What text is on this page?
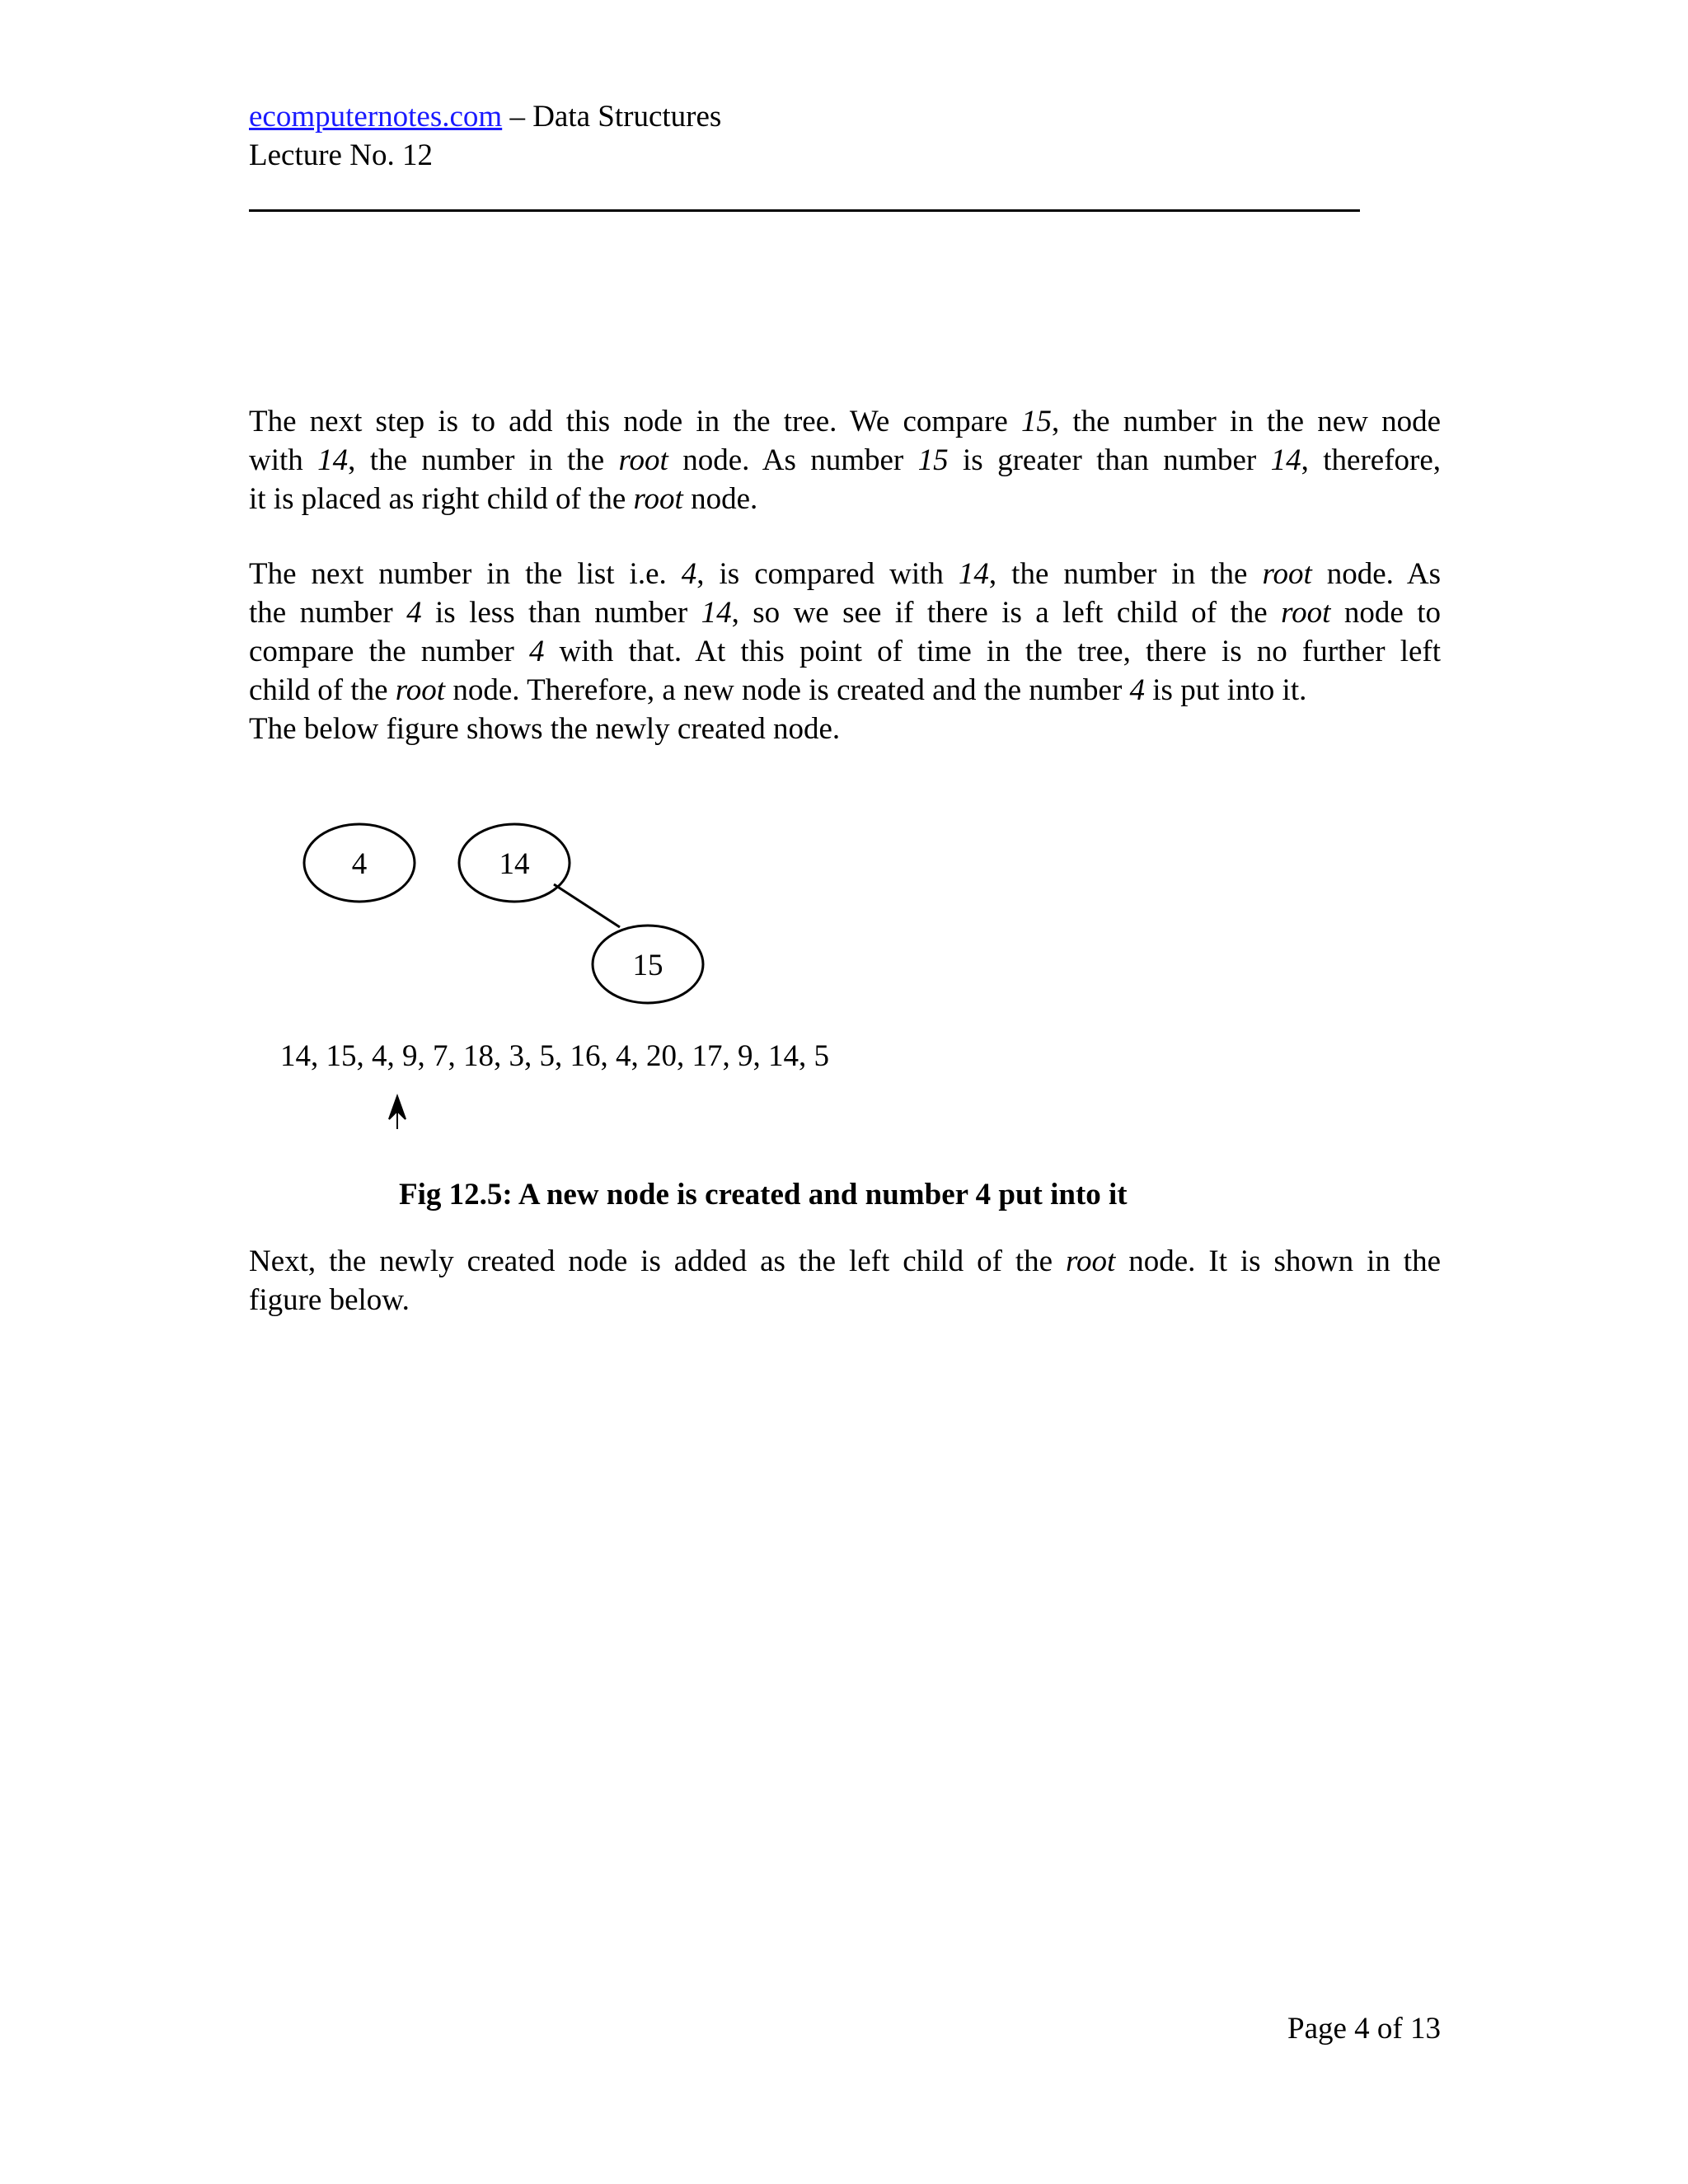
ecomputernotes.com – Data Structures
Lecture No. 12
The next step is to add this node in the tree. We compare 15, the number in the new node
with 14, the number in the root node. As number 15 is greater than number 14, therefore,
it is placed as right child of the root node.
The next number in the list i.e. 4, is compared with 14, the number in the root node. As
the number 4 is less than number 14, so we see if there is a left child of the root node to
compare the number 4 with that. At this point of time in the tree, there is no further left
child of the root node. Therefore, a new node is created and the number 4 is put into it.
The below figure shows the newly created node.
4	14
15
14, 15, 4, 9, 7, 18, 3, 5, 16, 4, 20, 17, 9, 14, 5
Fig 12.5: A new node is created and number 4 put into it
Next, the newly created node is added as the left child of the root node. It is shown in the
figure below.
Page 4 of 13
